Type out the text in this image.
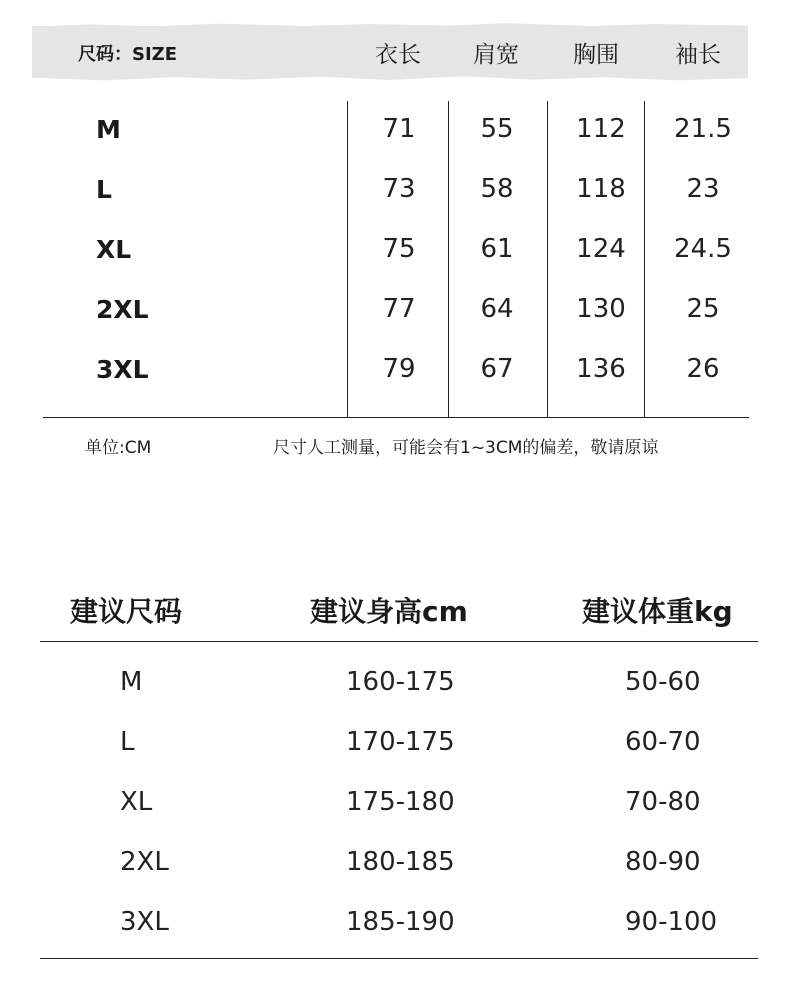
尺码：SIZE	衣长	肩宽	胸围	袖长
M	71	55	112	21.5
L	73	58	118	23
XL	75	61	124	24.5
2XL	77	64	130	25
3XL	79	67	136	26
单位:CM	尺寸人工测量，可能会有1~3CM的偏差，敬请原谅
建议尺码	建议身高cm	建议体重kg
M	160-175	50-60
L	170-175	60-70
XL	175-180	70-80
2XL	180-185	80-90
3XL	185-190	90-100
